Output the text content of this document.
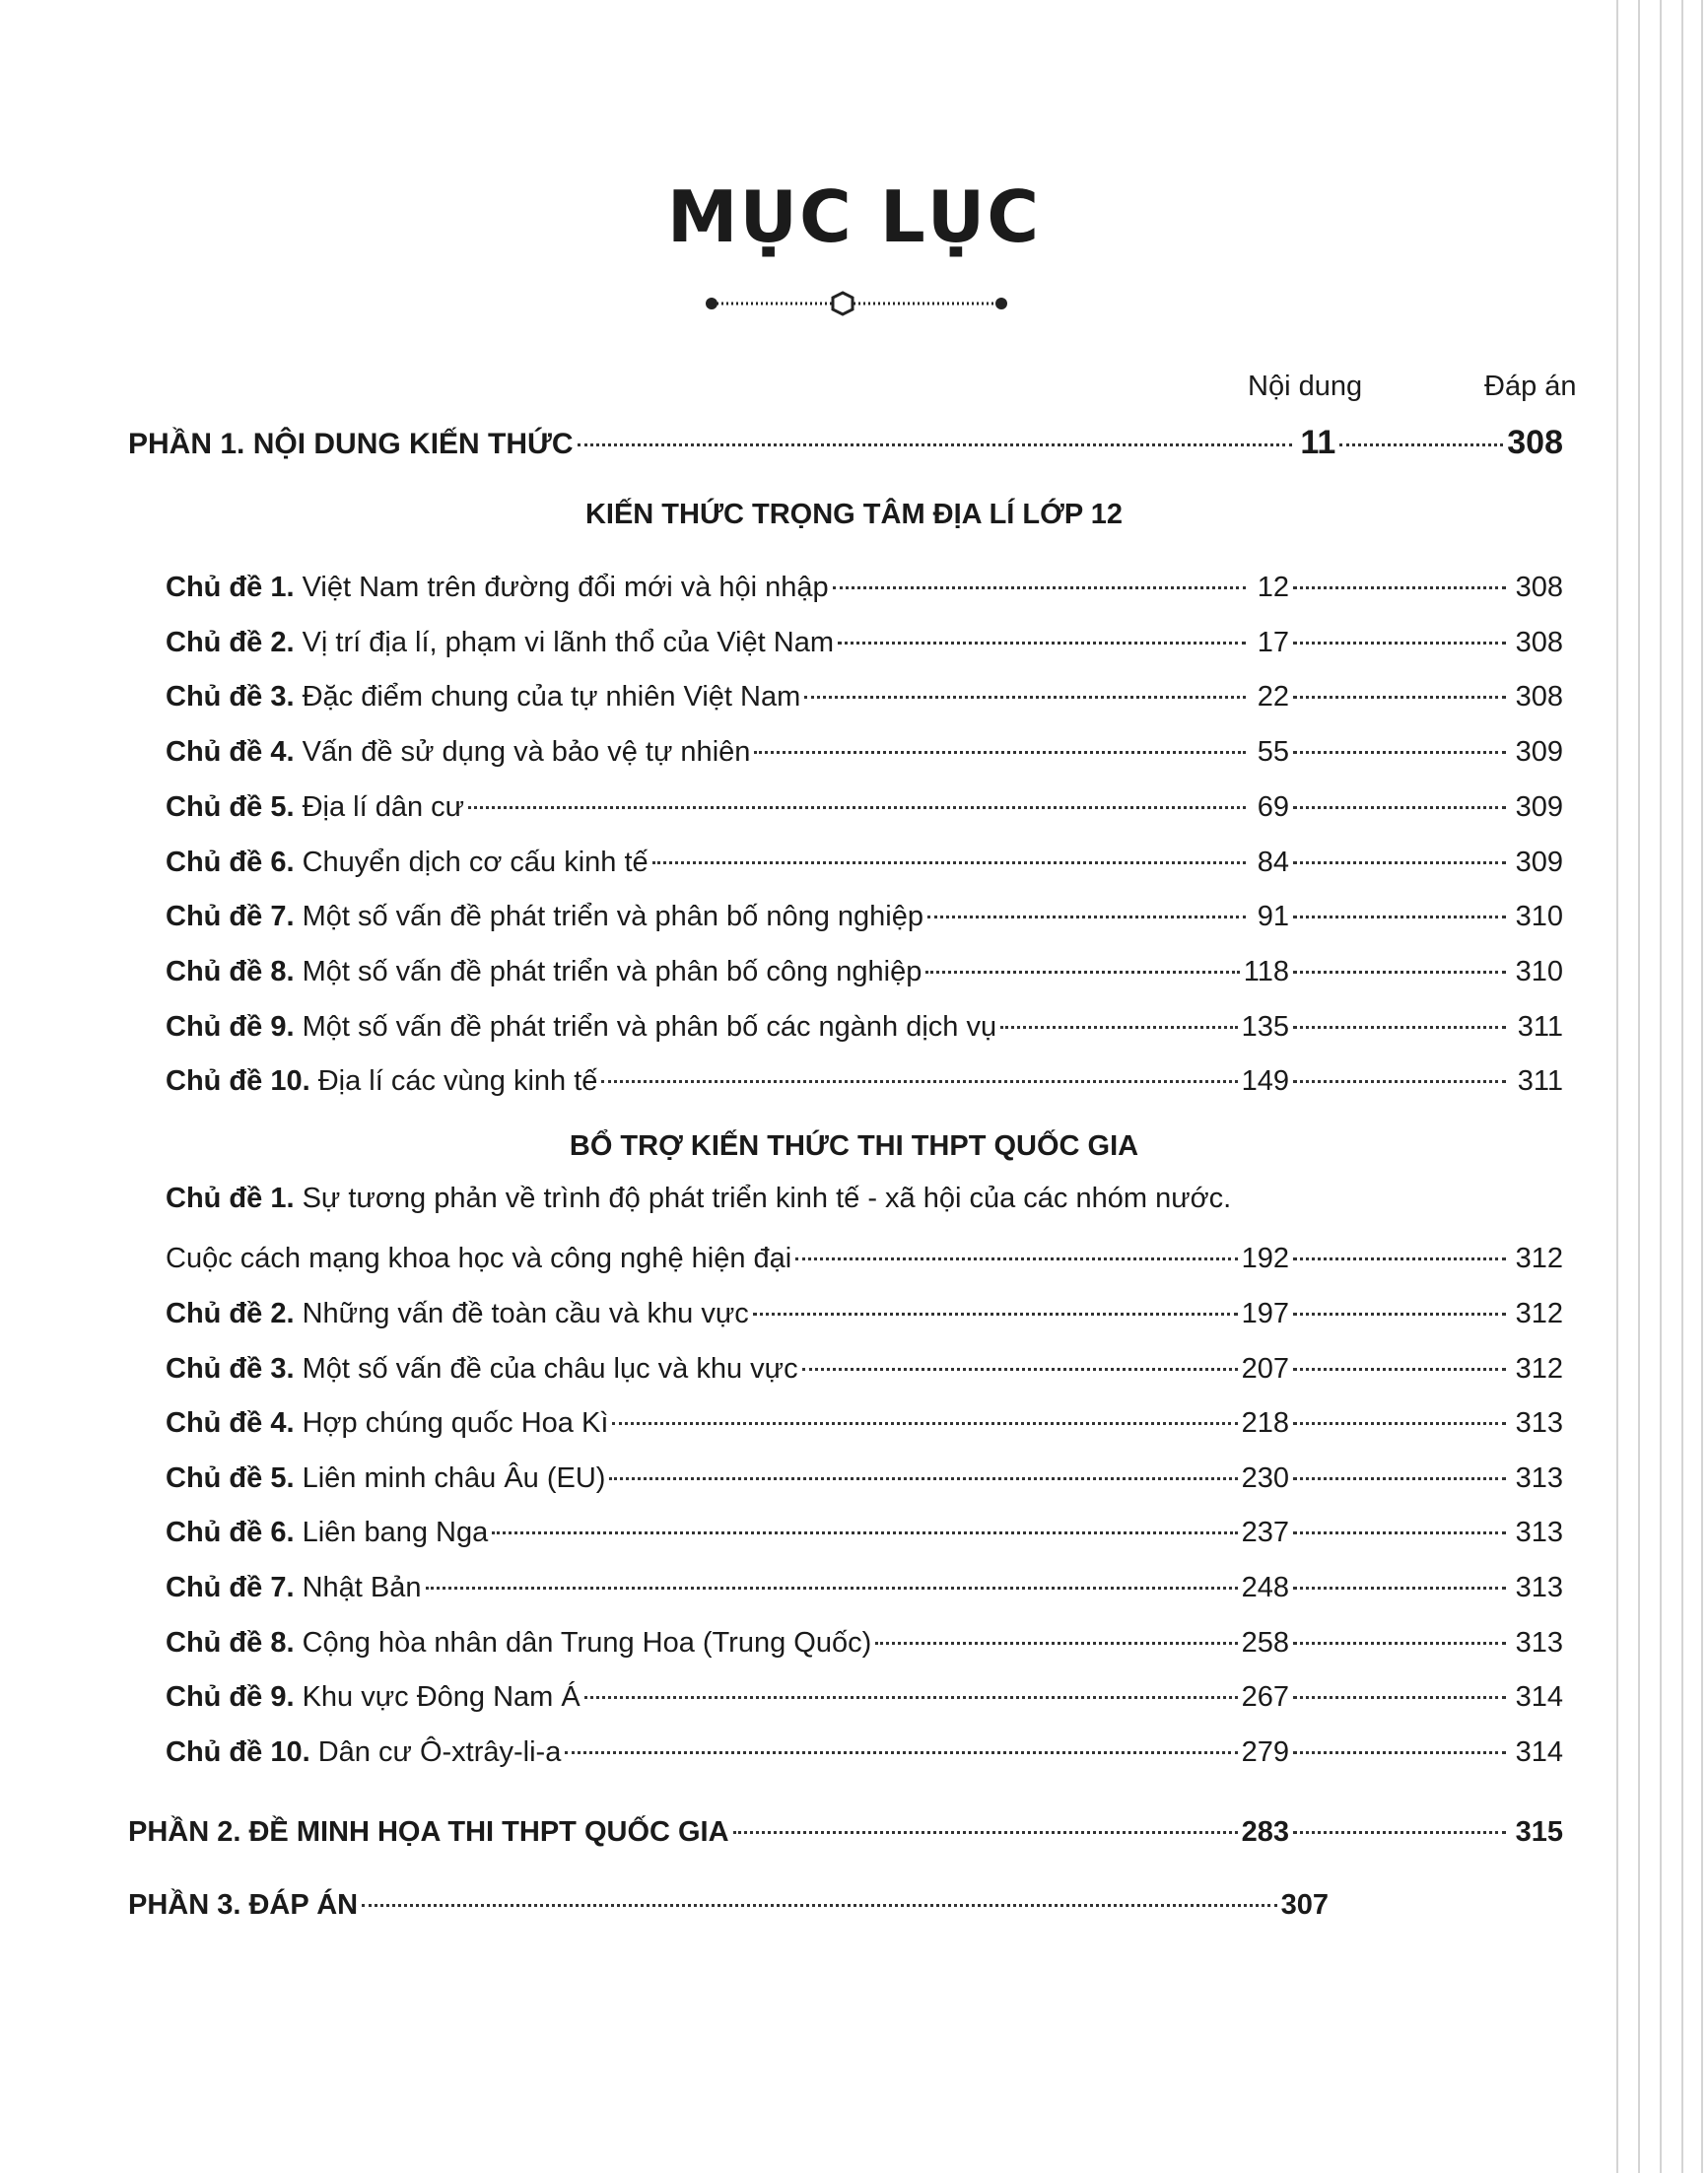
MỤC LỤC
Nội dung	Đáp án
PHẦN 1. NỘI DUNG KIẾN THỨC	11	308
KIẾN THỨC TRỌNG TÂM ĐỊA LÍ LỚP 12
Chủ đề 1. Việt Nam trên đường đổi mới và hội nhập	12	308
Chủ đề 2. Vị trí địa lí, phạm vi lãnh thổ của Việt Nam	17	308
Chủ đề 3. Đặc điểm chung của tự nhiên Việt Nam	22	308
Chủ đề 4. Vấn đề sử dụng và bảo vệ tự nhiên	55	309
Chủ đề 5. Địa lí dân cư	69	309
Chủ đề 6. Chuyển dịch cơ cấu kinh tế	84	309
Chủ đề 7. Một số vấn đề phát triển và phân bố nông nghiệp	91	310
Chủ đề 8. Một số vấn đề phát triển và phân bố công nghiệp	118	310
Chủ đề 9. Một số vấn đề phát triển và phân bố các ngành dịch vụ	135	311
Chủ đề 10. Địa lí các vùng kinh tế	149	311
BỔ TRỢ KIẾN THỨC THI THPT QUỐC GIA
Chủ đề 1. Sự tương phản về trình độ phát triển kinh tế - xã hội của các nhóm nước.
Cuộc cách mạng khoa học và công nghệ hiện đại	192	312
Chủ đề 2. Những vấn đề toàn cầu và khu vực	197	312
Chủ đề 3. Một số vấn đề của châu lục và khu vực	207	312
Chủ đề 4. Hợp chúng quốc Hoa Kì	218	313
Chủ đề 5. Liên minh châu Âu (EU)	230	313
Chủ đề 6. Liên bang Nga	237	313
Chủ đề 7. Nhật Bản	248	313
Chủ đề 8. Cộng hòa nhân dân Trung Hoa (Trung Quốc)	258	313
Chủ đề 9. Khu vực Đông Nam Á	267	314
Chủ đề 10. Dân cư Ô-xtrây-li-a	279	314
PHẦN 2. ĐỀ MINH HỌA THI THPT QUỐC GIA	283	315
PHẦN 3. ĐÁP ÁN	307
